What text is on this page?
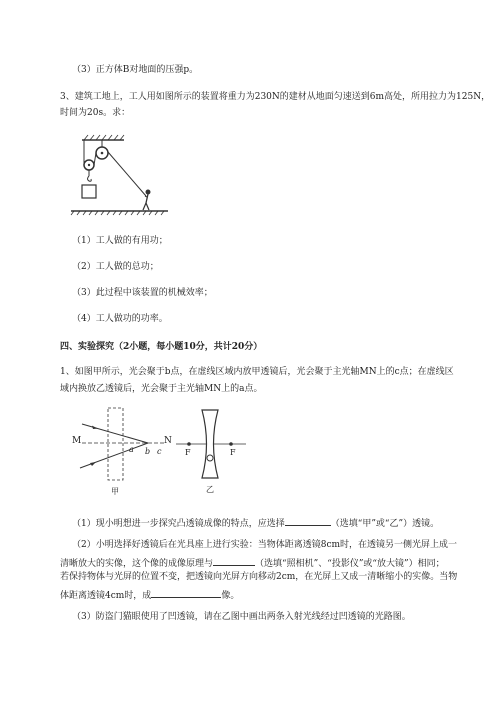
（3）正方体B对地面的压强p。
3、建筑工地上，工人用如图所示的装置将重力为230N的建材从地面匀速送到6m高处，所用拉力为125N，
时间为20s。求：
（1）工人做的有用功；
（2）工人做的总功；
（3）此过程中该装置的机械效率；
（4）工人做功的功率。
四、实验探究（2小题，每小题10分，共计20分）
1、如图甲所示，光会聚于b点，在虚线区域内放甲透镜后，光会聚于主光轴MN上的c点；在虚线区
域内换放乙透镜后，光会聚于主光轴MN上的a点。
M	N
a b c
甲
F	F
乙
（1）现小明想进一步探究凸透镜成像的特点，应选择	（选填“甲”或“乙”）透镜。
（2）小明选择好透镜后在光具座上进行实验：当物体距离透镜8cm时，在透镜另一侧光屏上成一
清晰放大的实像，这个像的成像原理与	（选填“照相机”、“投影仪”或“放大镜”）相同；
若保持物体与光屏的位置不变，把透镜向光屏方向移动2cm，在光屏上又成一清晰缩小的实像。当物
体距离透镜4cm时，成	像。
（3）防盗门猫眼使用了凹透镜，请在乙图中画出两条入射光线经过凹透镜的光路图。
